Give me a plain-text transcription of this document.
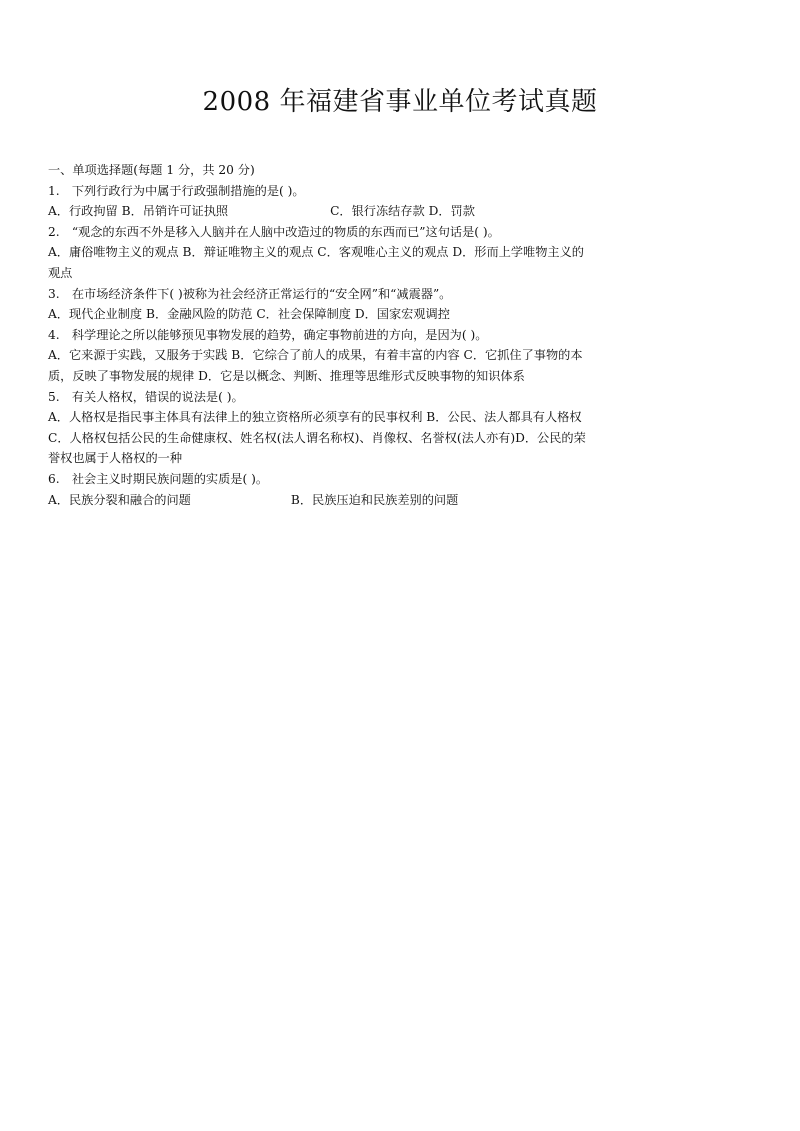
2008 年福建省事业单位考试真题
一、单项选择题(每题 1 分，共 20 分)
1.　下列行政行为中属于行政强制措施的是( )。
A．行政拘留 B．吊销许可证执照	C．银行冻结存款 D．罚款
2.　“观念的东西不外是移入人脑并在人脑中改造过的物质的东西而已”这句话是( )。
A．庸俗唯物主义的观点 B．辩证唯物主义的观点 C．客观唯心主义的观点 D．形而上学唯物主义的观点
3.　在市场经济条件下( )被称为社会经济正常运行的“安全网”和“减震器”。
A．现代企业制度 B．金融风险的防范 C．社会保障制度 D．国家宏观调控
4.　科学理论之所以能够预见事物发展的趋势，确定事物前进的方向，是因为( )。
A．它来源于实践，又服务于实践 B．它综合了前人的成果，有着丰富的内容 C．它抓住了事物的本质，反映了事物发展的规律 D．它是以概念、判断、推理等思维形式反映事物的知识体系
5.　有关人格权，错误的说法是( )。
A．人格权是指民事主体具有法律上的独立资格所必须享有的民事权利 B．公民、法人都具有人格权 C．人格权包括公民的生命健康权、姓名权(法人谓名称权)、肖像权、名誉权(法人亦有)D．公民的荣誉权也属于人格权的一种
6.　社会主义时期民族问题的实质是( )。
A．民族分裂和融合的问题	B．民族压迫和民族差别的问题
